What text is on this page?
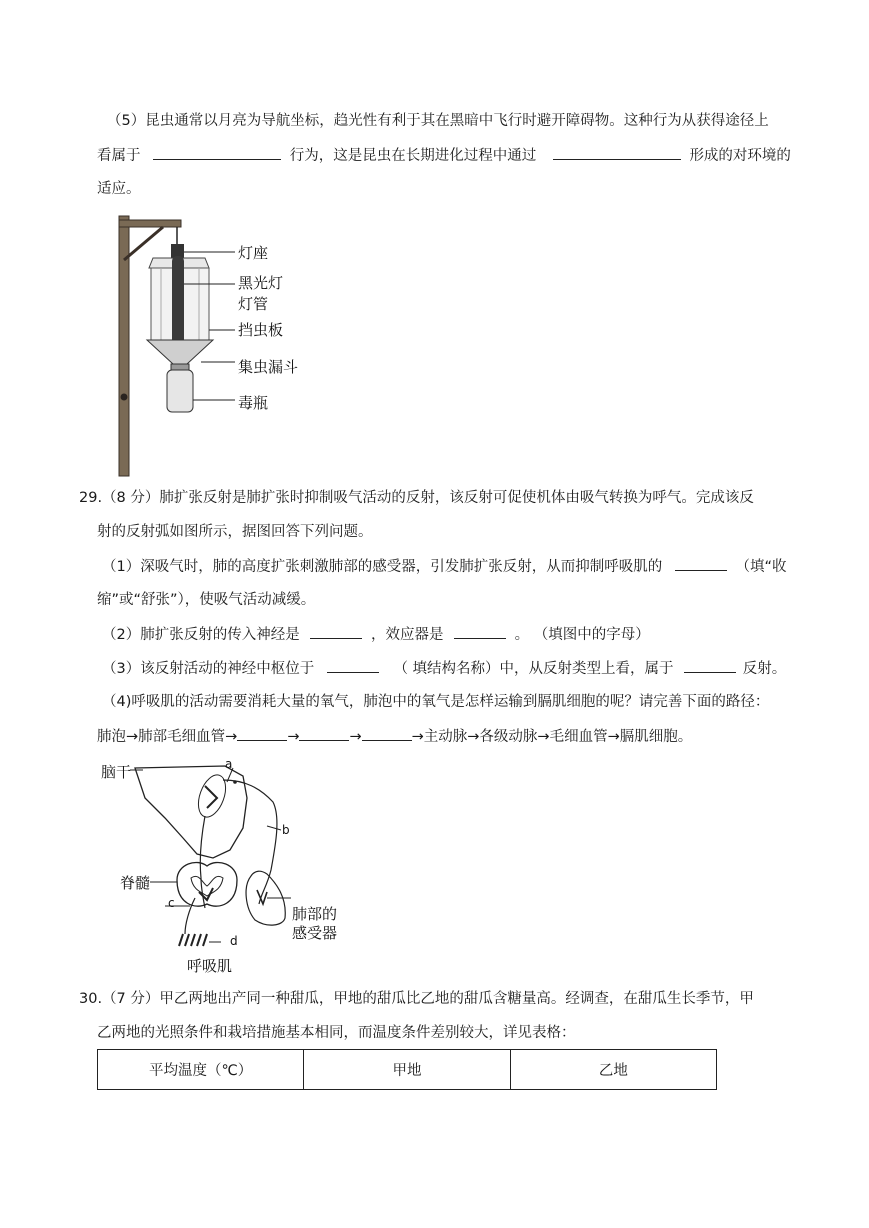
（5）昆虫通常以月亮为导航坐标，趋光性有利于其在黑暗中飞行时避开障碍物。这种行为从获得途径上
看属于	行为，这是昆虫在长期进化过程中通过	形成的对环境的
适应。
灯座
黑光灯
灯管
挡虫板
集虫漏斗
毒瓶
29.（8 分）肺扩张反射是肺扩张时抑制吸气活动的反射，该反射可促使机体由吸气转换为呼气。完成该反
射的反射弧如图所示，据图回答下列问题。
（1）深吸气时，肺的高度扩张刺激肺部的感受器，引发肺扩张反射，从而抑制呼吸肌的	（填“收
缩”或“舒张”），使吸气活动减缓。
（2）肺扩张反射的传入神经是	，效应器是	。 （填图中的字母）
（3）该反射活动的神经中枢位于	（ 填结构名称）中，从反射类型上看，属于	反射。
（4)呼吸肌的活动需要消耗大量的氧气，肺泡中的氧气是怎样运输到膈肌细胞的呢？请完善下面的路径：
肺泡→肺部毛细血管→	→	→	→主动脉→各级动脉→毛细血管→膈肌细胞。
脑干	a
b
脊髓
c
肺部的
感受器
d
呼吸肌
30.（7 分）甲乙两地出产同一种甜瓜，甲地的甜瓜比乙地的甜瓜含糖量高。经调查，在甜瓜生长季节，甲
乙两地的光照条件和栽培措施基本相同，而温度条件差别较大，详见表格：
平均温度（℃）	甲地	乙地
